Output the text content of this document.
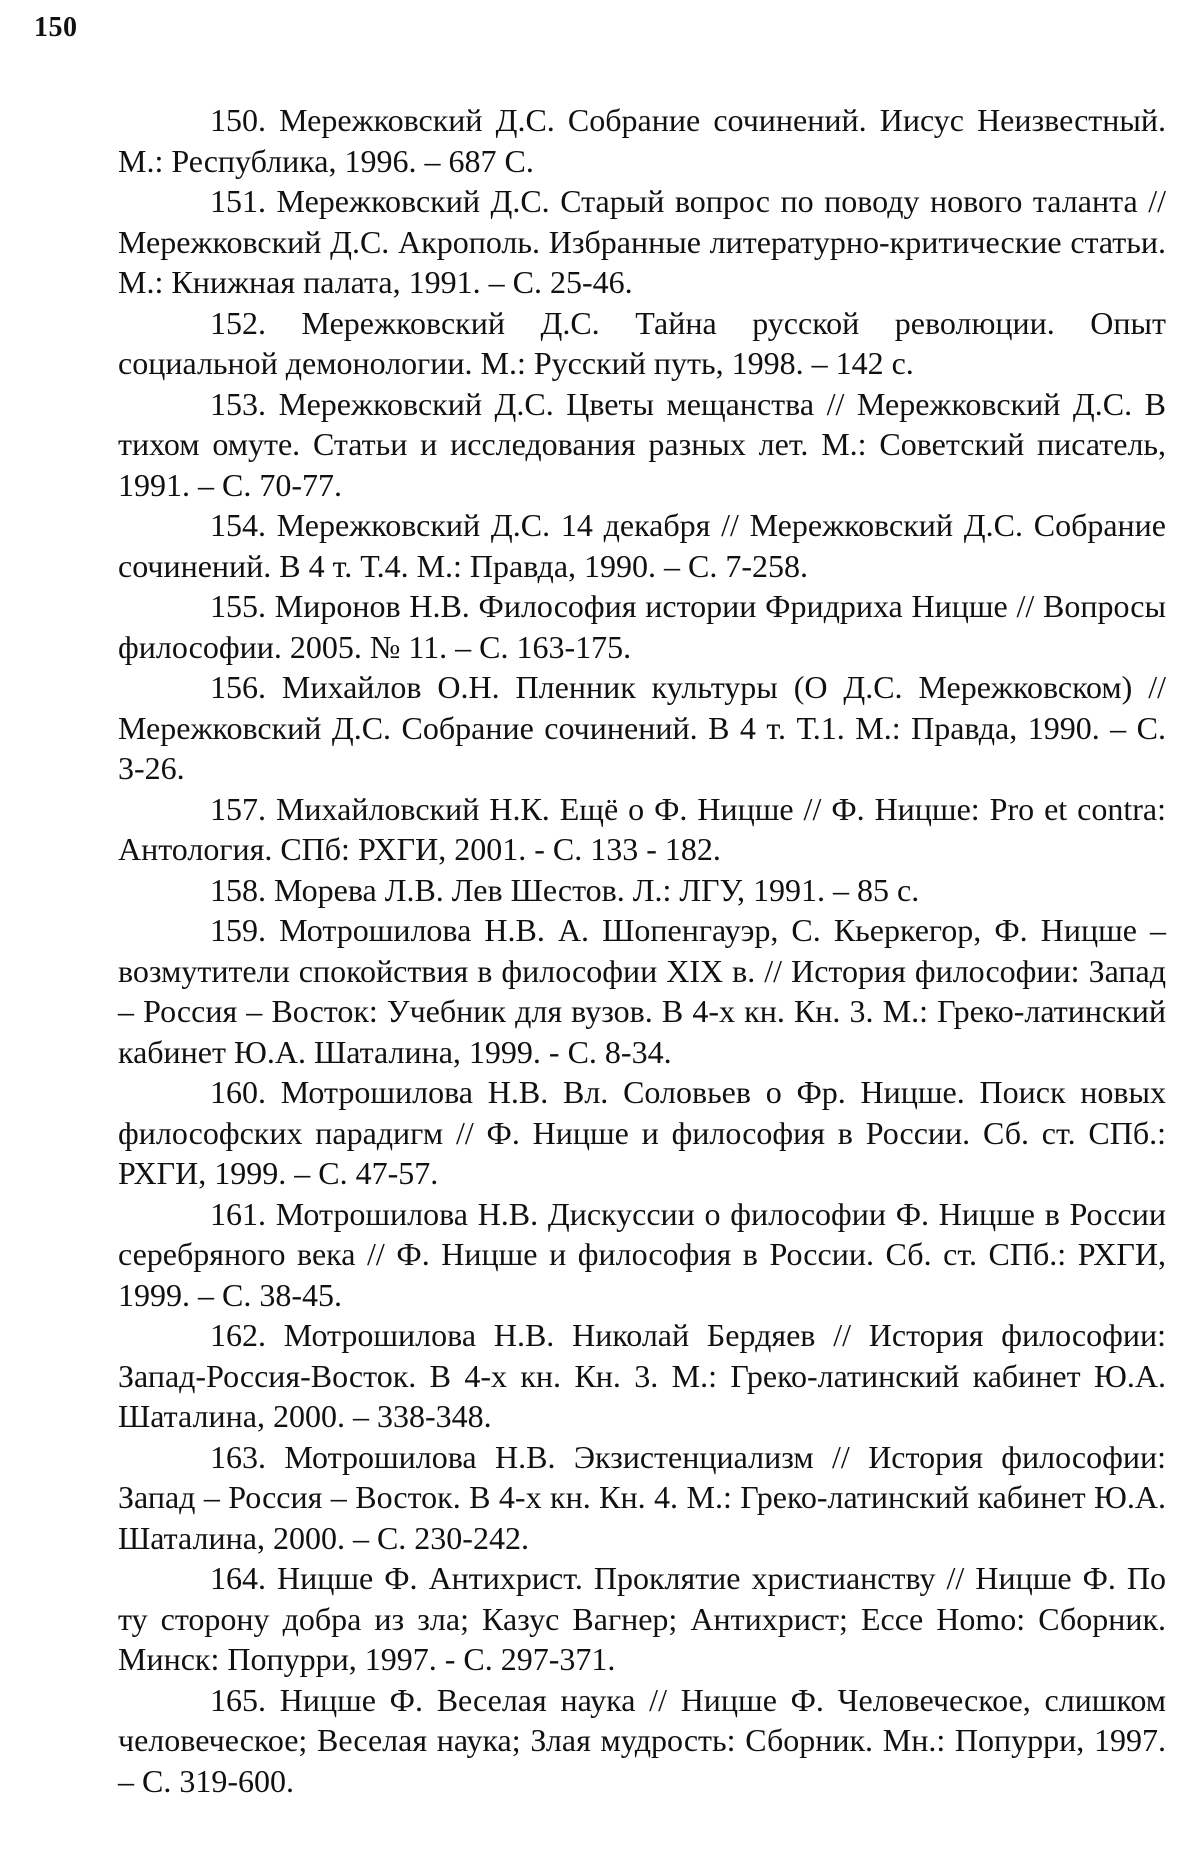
150

150. Мережковский Д.С. Собрание сочинений. Иисус Неизвестный. М.: Республика, 1996. – 687 С.

151. Мережковский Д.С. Старый вопрос по поводу нового таланта // Мережковский Д.С. Акрополь. Избранные литературно-критические статьи. М.: Книжная палата, 1991. – С. 25-46.

152. Мережковский Д.С. Тайна русской революции. Опыт социальной демонологии. М.: Русский путь, 1998. – 142 с.

153. Мережковский Д.С. Цветы мещанства // Мережковский Д.С. В тихом омуте. Статьи и исследования разных лет. М.: Советский писатель, 1991. – С. 70-77.

154. Мережковский Д.С. 14 декабря // Мережковский Д.С. Собрание сочинений. В 4 т. Т.4. М.: Правда, 1990. – С. 7-258.

155. Миронов Н.В. Философия истории Фридриха Ницше // Вопросы философии. 2005. № 11. – С. 163-175.

156. Михайлов О.Н. Пленник культуры (О Д.С. Мережковском) // Мережковский Д.С. Собрание сочинений. В 4 т. Т.1. М.: Правда, 1990. – С. 3-26.

157. Михайловский Н.К. Ещё о Ф. Ницше // Ф. Ницше: Pro et contra: Антология. СПб: РХГИ, 2001. - С. 133 - 182.

158. Морева Л.В. Лев Шестов. Л.: ЛГУ, 1991. – 85 с.

159. Мотрошилова Н.В. А. Шопенгауэр, С. Кьеркегор, Ф. Ницше – возмутители спокойствия в философии XIX в. // История философии: Запад – Россия – Восток: Учебник для вузов. В 4-х кн. Кн. 3. М.: Греко-латинский кабинет Ю.А. Шаталина, 1999. - С. 8-34.

160. Мотрошилова Н.В. Вл. Соловьев о Фр. Ницше. Поиск новых философских парадигм // Ф. Ницше и философия в России. Сб. ст. СПб.: РХГИ, 1999. – С. 47-57.

161. Мотрошилова Н.В. Дискуссии о философии Ф. Ницше в России серебряного века // Ф. Ницше и философия в России. Сб. ст. СПб.: РХГИ, 1999. – С. 38-45.

162. Мотрошилова Н.В. Николай Бердяев // История философии: Запад-Россия-Восток. В 4-х кн. Кн. 3. М.: Греко-латинский кабинет Ю.А. Шаталина, 2000. – 338-348.

163. Мотрошилова Н.В. Экзистенциализм // История философии: Запад – Россия – Восток. В 4-х кн. Кн. 4. М.: Греко-латинский кабинет Ю.А. Шаталина, 2000. – С. 230-242.

164. Ницше Ф. Антихрист. Проклятие христианству // Ницше Ф. По ту сторону добра из зла; Казус Вагнер; Антихрист; Ecce Homo: Сборник. Минск: Попурри, 1997. - С. 297-371.

165. Ницше Ф. Веселая наука // Ницше Ф. Человеческое, слишком человеческое; Веселая наука; Злая мудрость: Сборник. Мн.: Попурри, 1997. – С. 319-600.
